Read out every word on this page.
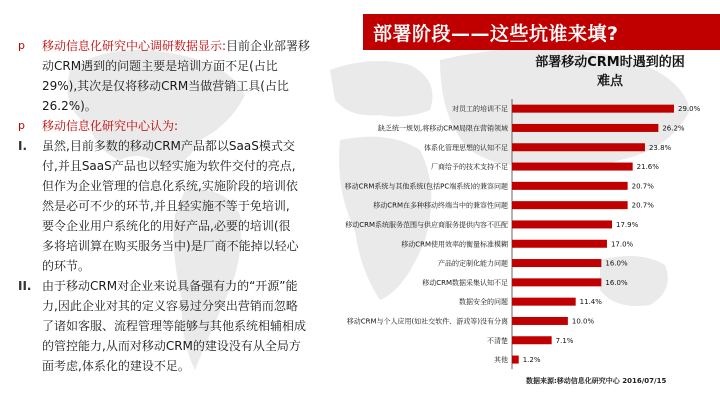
部署阶段——这些坑谁来填?
p 移动信息化研究中心调研数据显示:目前企业部署移
动CRM遇到的问题主要是培训方面不足(占比
29%),其次是仅将移动CRM当做营销工具(占比
26.2%)。
p 移动信息化研究中心认为:
I. 虽然,目前多数的移动CRM产品都以SaaS模式交
付,并且SaaS产品也以轻实施为软件交付的亮点,
但作为企业管理的信息化系统,实施阶段的培训依
然是必可不少的环节,并且轻实施不等于免培训,
要令企业用户系统化的用好产品,必要的培训(很
多将培训算在购买服务当中)是厂商不能掉以轻心
的环节。
II. 由于移动CRM对企业来说具备强有力的“开源”能
力,因此企业对其的定义容易过分突出营销而忽略
了诸如客服、流程管理等能够与其他系统相辅相成
的管控能力,从而对移动CRM的建设没有从全局方
面考虑,体系化的建设不足。
部署移动CRM时遇到的困
难点
对员工的培训不足	29.0%
缺乏统一规划,将移动CRM局限在营销领域	26.2%
体系化管理思想的认知不足	23.8%
厂商给予的技术支持不足	21.6%
移动CRM系统与其他系统(包括PC端系统)的兼容问题	20.7%
移动CRM在多种移动终端当中的兼容性问题	20.7%
移动CRM系统服务范围与供应商服务提供内容不匹配	17.9%
移动CRM使用效率的衡量标准模糊	17.0%
产品的定制化能力问题	16.0%
移动CRM数据采集认知不足	16.0%
数据安全的问题	11.4%
移动CRM与个人应用(如社交软件、游戏等)没有分离	10.0%
不清楚	7.1%
其他 1.2%
数据来源:移动信息化研究中心 2016/07/15
